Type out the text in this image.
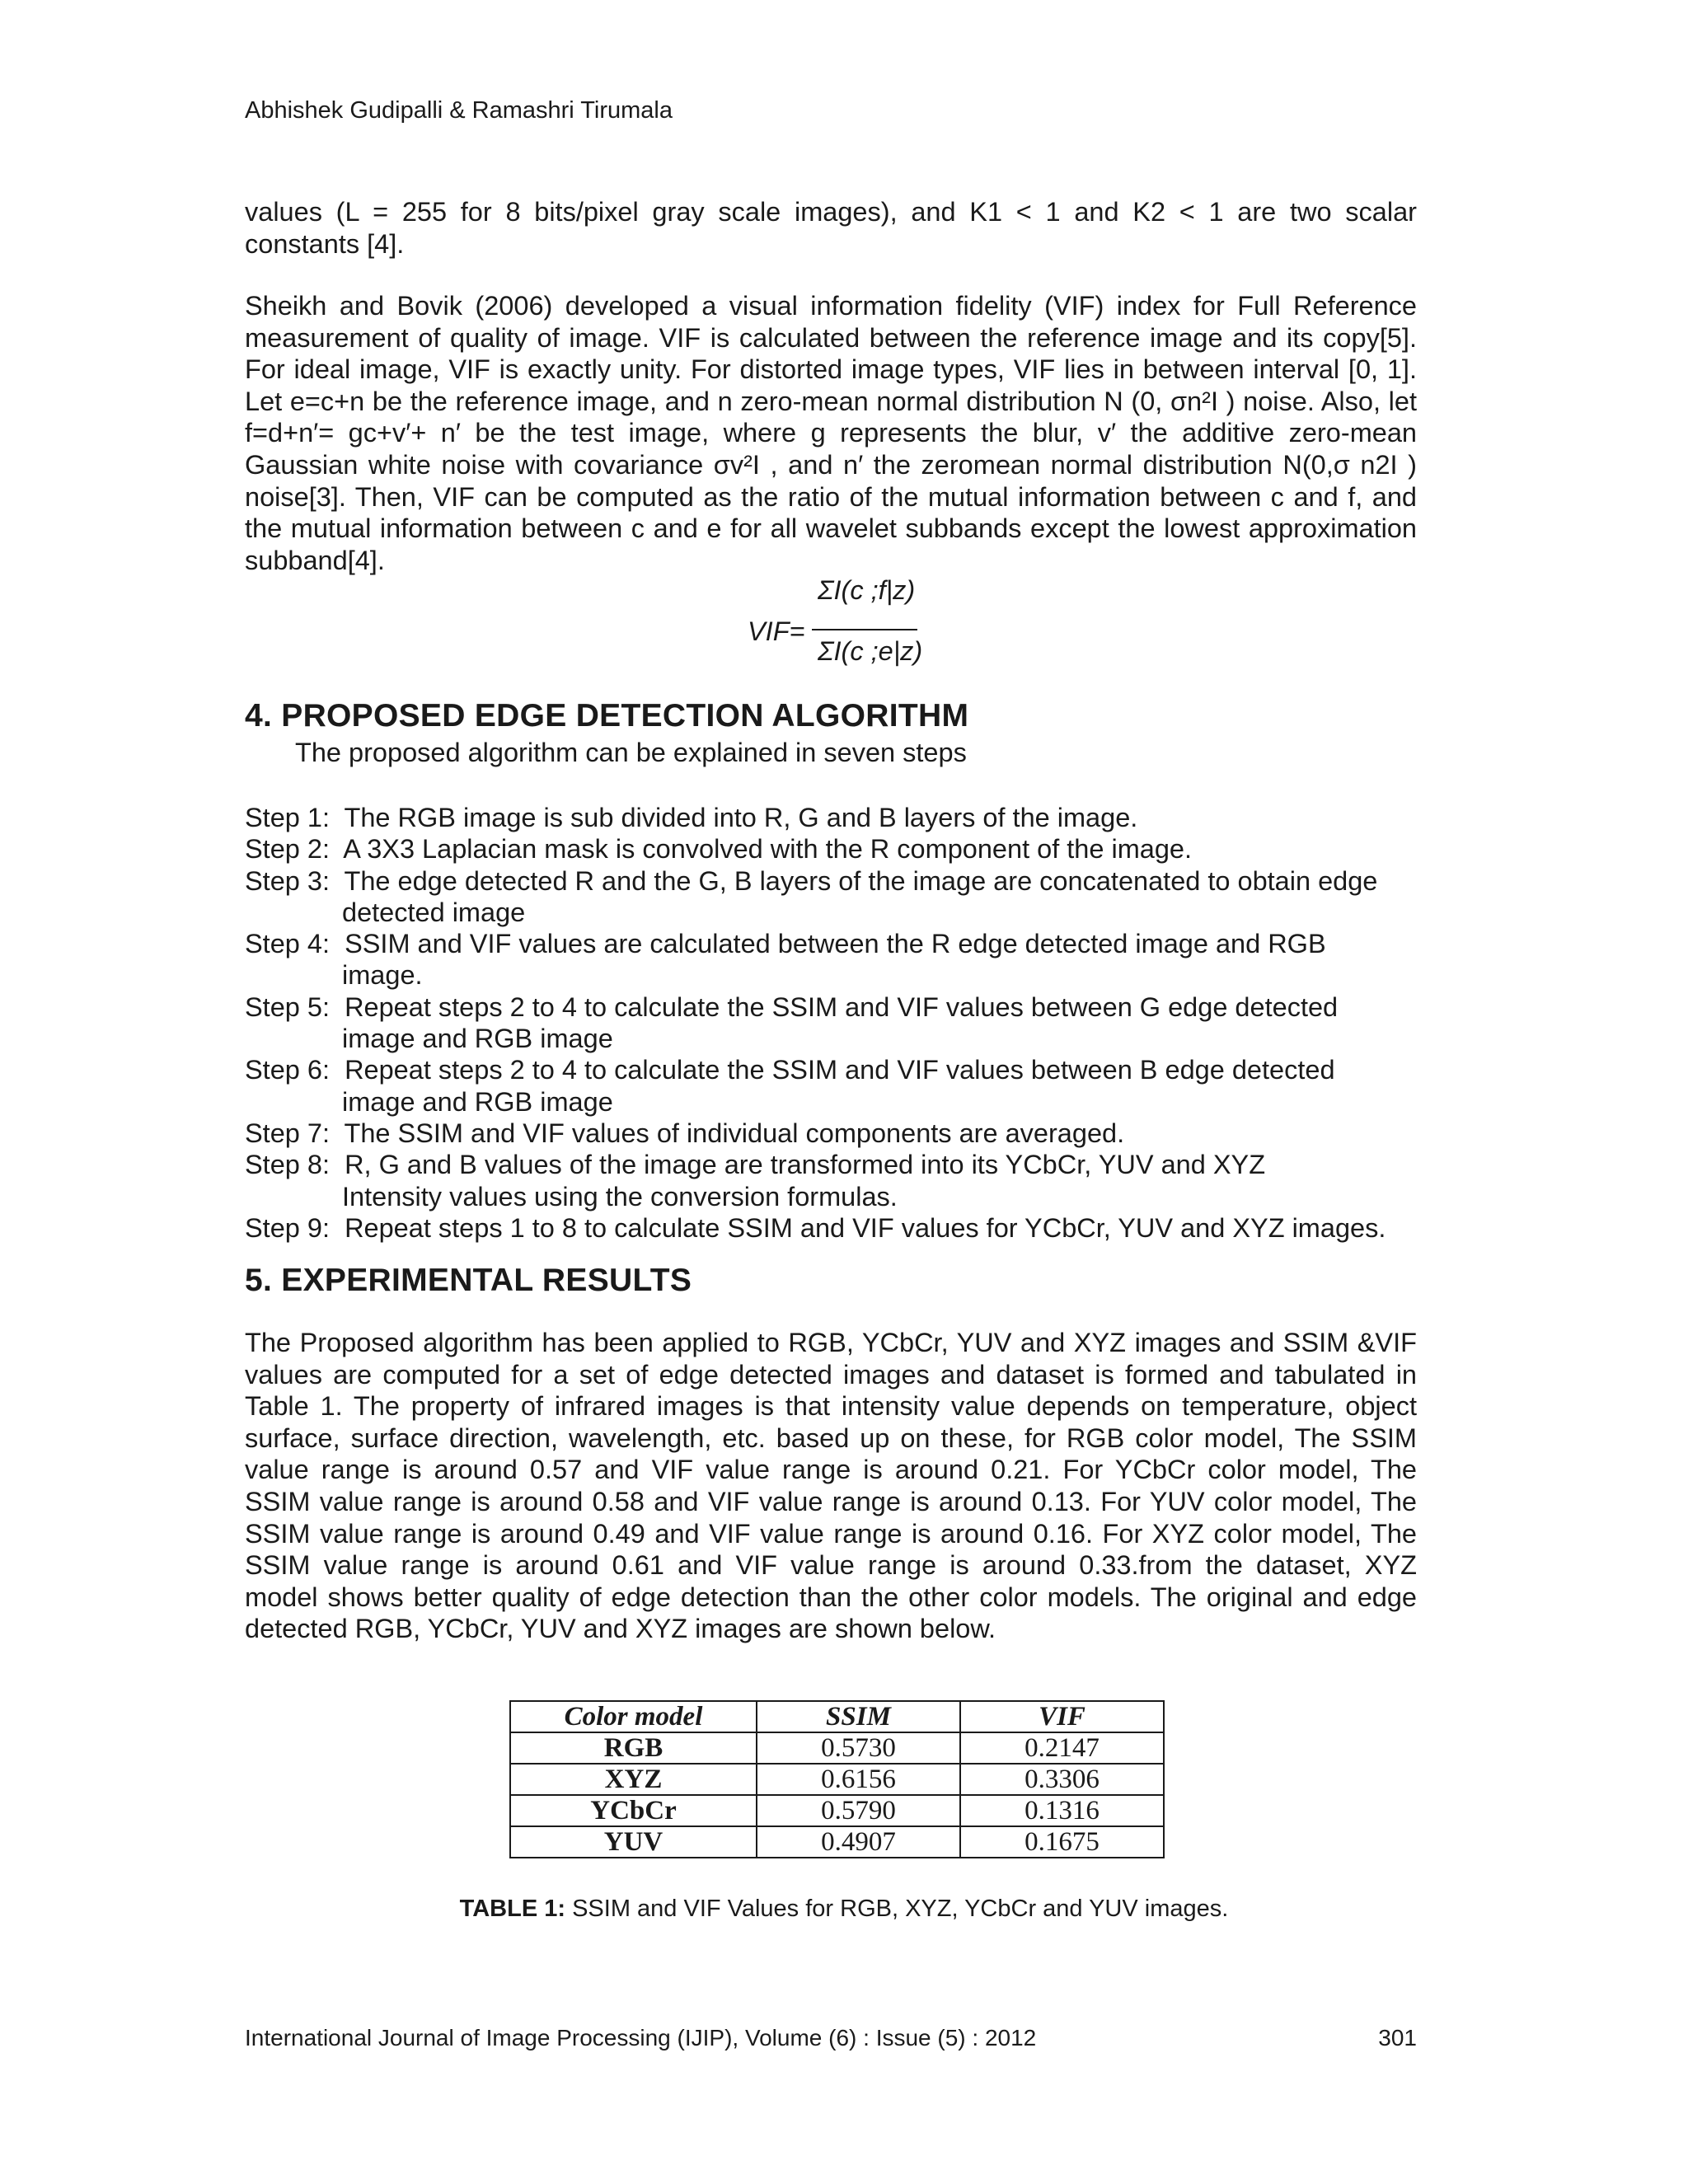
Abhishek Gudipalli & Ramashri Tirumala
values (L = 255 for 8 bits/pixel gray scale images), and K1 < 1 and K2 < 1 are two scalar
constants [4].
Sheikh and Bovik (2006) developed a visual information fidelity (VIF) index for Full Reference
measurement of quality of image. VIF is calculated between the reference image and its copy[5].
For ideal image, VIF is exactly unity. For distorted image types, VIF lies in between interval [0, 1].
Let e=c+n be the reference image, and n zero-mean normal distribution N (0, σn²I ) noise. Also, let
f=d+n′= gc+v′+ n′ be the test image, where g represents the blur, v′ the additive zero-mean
Gaussian white noise with covariance σv²I , and n′ the zeromean normal distribution N(0,σ n2I )
noise[3]. Then, VIF can be computed as the ratio of the mutual information between c and f, and
the mutual information between c and e for all wavelet subbands except the lowest approximation
subband[4].
ΣI(c ;f|z)
VIF=
ΣI(c ;e|z)
4. PROPOSED EDGE DETECTION ALGORITHM
The proposed algorithm can be explained in seven steps
Step 1: The RGB image is sub divided into R, G and B layers of the image.
Step 2: A 3X3 Laplacian mask is convolved with the R component of the image.
Step 3: The edge detected R and the G, B layers of the image are concatenated to obtain edge
detected image
Step 4: SSIM and VIF values are calculated between the R edge detected image and RGB
image.
Step 5: Repeat steps 2 to 4 to calculate the SSIM and VIF values between G edge detected
image and RGB image
Step 6: Repeat steps 2 to 4 to calculate the SSIM and VIF values between B edge detected
image and RGB image
Step 7: The SSIM and VIF values of individual components are averaged.
Step 8: R, G and B values of the image are transformed into its YCbCr, YUV and XYZ
Intensity values using the conversion formulas.
Step 9: Repeat steps 1 to 8 to calculate SSIM and VIF values for YCbCr, YUV and XYZ images.
5. EXPERIMENTAL RESULTS
The Proposed algorithm has been applied to RGB, YCbCr, YUV and XYZ images and SSIM &VIF
values are computed for a set of edge detected images and dataset is formed and tabulated in
Table 1. The property of infrared images is that intensity value depends on temperature, object
surface, surface direction, wavelength, etc. based up on these, for RGB color model, The SSIM
value range is around 0.57 and VIF value range is around 0.21. For YCbCr color model, The
SSIM value range is around 0.58 and VIF value range is around 0.13. For YUV color model, The
SSIM value range is around 0.49 and VIF value range is around 0.16. For XYZ color model, The
SSIM value range is around 0.61 and VIF value range is around 0.33.from the dataset, XYZ
model shows better quality of edge detection than the other color models. The original and edge
detected RGB, YCbCr, YUV and XYZ images are shown below.
Color model	SSIM	VIF
RGB	0.5730	0.2147
XYZ	0.6156	0.3306
YCbCr	0.5790	0.1316
YUV	0.4907	0.1675
TABLE 1: SSIM and VIF Values for RGB, XYZ, YCbCr and YUV images.
International Journal of Image Processing (IJIP), Volume (6) : Issue (5) : 2012	301
